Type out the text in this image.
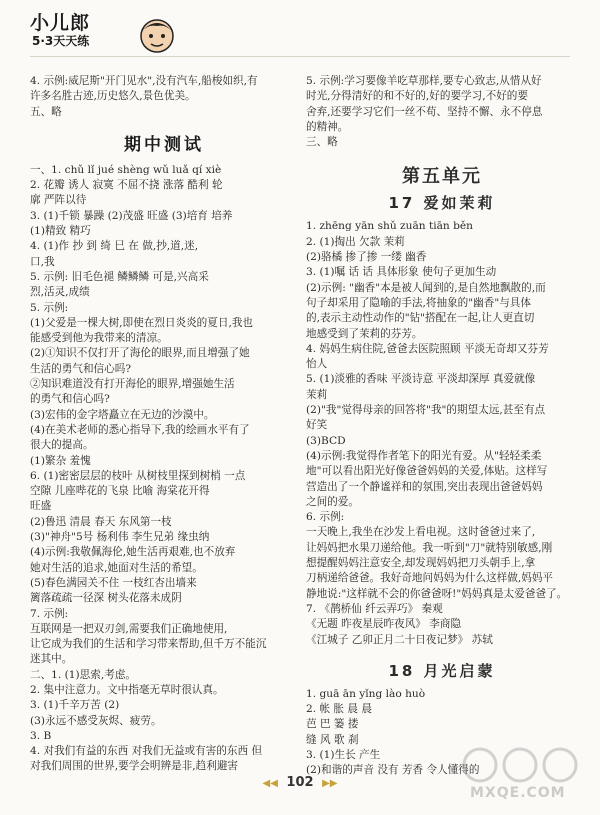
小儿郎
5·3天天练
4. 示例:威尼斯"开门见水",没有汽车,船梭如织,有
许多名胜古迹,历史悠久,景色优美。
五、略
期中测试
一、1. chǔ lǐ jué shèng wǔ luǎ qí xiè
2. 花瓣 诱人 寂寞 不屈不挠 涨落 酷利 轮
廓 严阵以待
3. (1)千锁 暴躁 (2)茂盛 旺盛 (3)培育 培养
(1)精致 精巧
4. (1)作 抄 到 绮 巳 在 做,抄,道,迷,
口,我
5. 示例: 旧毛色褪 鳞鳞鳞 可是,兴高采
烈,活灵,成绩
5. 示例:
(1)父爱是一棵大树,即使在烈日炎炎的夏日,我也
能感受到他为我带来的清凉。
(2)①知识不仅打开了海伦的眼界,而且增强了她
生活的勇气和信心吗?
②知识难道没有打开海伦的眼界,增强她生活
的勇气和信心吗?
(3)宏伟的金字塔矗立在无边的沙漠中。
(4)在美术老师的悉心指导下,我的绘画水平有了
很大的提高。
(1)繁杂 羞愧
6. (1)密密层层的枝叶 从树枝里探到树梢 一点
空隙 儿座哔花的飞泉 比喻 海棠花开得
旺盛
(2)鲁迅 清晨 春天 东风第一枝
(3)"神舟"5号 杨利伟 李生兄弟 缘虫纳
(4)示例:我敬佩海伦,她生活再艰难,也不放弃
她对生活的追求,她面对生活的希望。
(5)春色满园关不住 一枝红杏出墙来
篱落疏疏一径深 树头花落未成阴
7. 示例:
互联网是一把双刃剑,需要我们正确地使用,
让它成为我们的生活和学习带来帮助,但千万不能沉
迷其中。
二、1. (1)思索,考虑。
2. 集中注意力。文中指毫无草时很认真。
3. (1)千辛万苦 (2)
(3)永远不感受灰烬、疲劳。
3. B
4. 对我们有益的东西 对我们无益或有害的东西 但
对我们周围的世界,要学会明辨是非,趋利避害
5. 示例:学习要像羊吃草那样,要专心致志,从惜从好
时光,分得清好的和不好的,好的要学习,不好的要
舍弃,还要学习它们一丝不苟、坚持不懈、永不停息
的精神。
三、略
第五单元
17 爱如茉莉
1. zhēng yān shǔ zuān tiān běn
2. (1)掏出 欠款 茉莉
(2)骆橘 掺了掺 一缕 幽香
3. (1)嘱 话 话 具体形象 使句子更加生动
(2)示例: "幽香"本是被人闻到的,是自然地飘散的,而
句子却采用了隐喻的手法,将抽象的"幽香"与具体
的,表示主动性动作的"钻"搭配在一起,让人更直切
地感受到了茉莉的芬芳。
4. 妈妈生病住院,爸爸去医院照顾 平淡无奇却又芬芳
怡人
5. (1)淡雅的香味 平淡诗意 平淡却深厚 真爱就像
茉莉
(2)"我"觉得母亲的回答将"我"的期望太远,甚至有点
好笑
(3)BCD
(4)示例:我觉得作者笔下的阳光有爱。从"轻轻柔柔
地"可以看出阳光好像爸爸妈妈的关爱,体贴。这样写
营造出了一个静谧祥和的氛围,突出表现出爸爸妈妈
之间的爱。
6. 示例:
一天晚上,我坐在沙发上看电视。这时爸爸过来了,
让妈妈把水果刀递给他。我一听到"刀"就特别敏感,刚
想提醒妈妈注意安全,却发现妈妈把刀头朝手上,拿
刀柄递给爸爸。我好奇地问妈妈为什么这样做,妈妈平
静地说:"这样就不会的你爸爸呀!"妈妈真是太爱爸爸了。
7. 《鹊桥仙 纤云弄巧》 秦观
《无题 昨夜星辰昨夜风》 李商隐
《江城子 乙卯正月二十日夜记梦》 苏轼
18 月光启蒙
1. guā ān yǐng lào huò
2. 帐 胀 晨 晨
芭 巴 篓 搂
缝 风 歌 刹
3. (1)生长 产生
(2)和谐的声音 没有 芳香 令人懂得的
◀◀ 102 ▶▶
MXQE.COM
